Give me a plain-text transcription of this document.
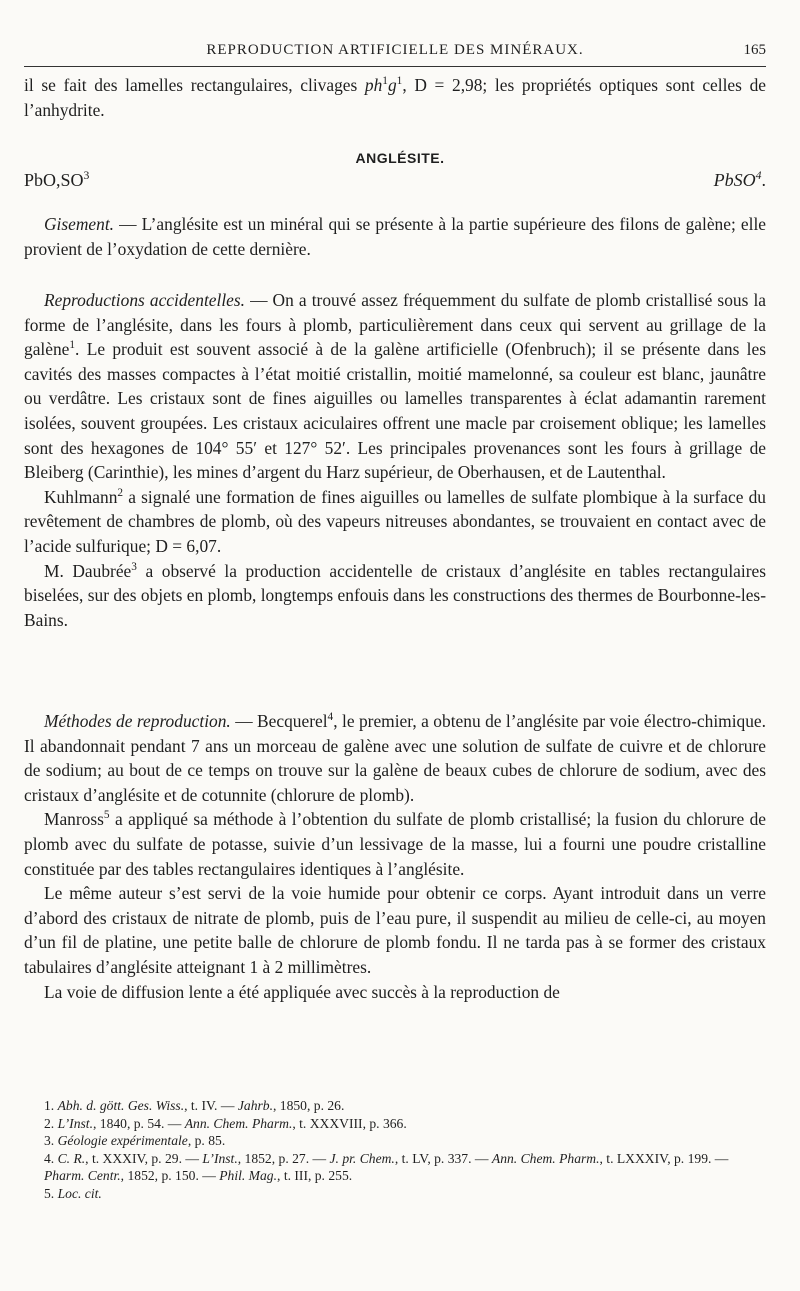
REPRODUCTION ARTIFICIELLE DES MINÉRAUX.	165

il se fait des lamelles rectangulaires, clivages $ph^1g^1$, D = 2,98; les propriétés optiques sont celles de l’anhydrite.

ANGLÉSITE.
$PbO,SO^3$	PbSO$^4$.

Gisement. — L’anglésite est un minéral qui se présente à la partie supérieure des filons de galène; elle provient de l’oxydation de cette dernière.

Reproductions accidentelles. — On a trouvé assez fréquemment du sulfate de plomb cristallisé sous la forme de l’anglésite, dans les fours à plomb, particulièrement dans ceux qui servent au grillage de la galène$^1$. Le produit est souvent associé à de la galène artificielle (Ofenbruch); il se présente dans les cavités des masses compactes à l’état moitié cristallin, moitié mamelonné, sa couleur est blanc, jaunâtre ou verdâtre. Les cristaux sont de fines aiguilles ou lamelles transparentes à éclat adamantin rarement isolées, souvent groupées. Les cristaux aciculaires offrent une macle par croisement oblique; les lamelles sont des hexagones de 104° 55′ et 127° 52′. Les principales provenances sont les fours à grillage de Bleiberg (Carinthie), les mines d’argent du Harz supérieur, de Oberhausen, et de Lautenthal.

Kuhlmann$^2$ a signalé une formation de fines aiguilles ou lamelles de sulfate plombique à la surface du revêtement de chambres de plomb, où des vapeurs nitreuses abondantes, se trouvaient en contact avec de l’acide sulfurique; D = 6,07.

M. Daubrée$^3$ a observé la production accidentelle de cristaux d’anglésite en tables rectangulaires biselées, sur des objets en plomb, longtemps enfouis dans les constructions des thermes de Bourbonne-les-Bains.

Méthodes de reproduction. — Becquerel$^4$, le premier, a obtenu de l’anglésite par voie électro-chimique. Il abandonnait pendant 7 ans un morceau de galène avec une solution de sulfate de cuivre et de chlorure de sodium; au bout de ce temps on trouve sur la galène de beaux cubes de chlorure de sodium, avec des cristaux d’anglésite et de cotunnite (chlorure de plomb).

Manross$^5$ a appliqué sa méthode à l’obtention du sulfate de plomb cristallisé; la fusion du chlorure de plomb avec du sulfate de potasse, suivie d’un lessivage de la masse, lui a fourni une poudre cristalline constituée par des tables rectangulaires identiques à l’anglésite.

Le même auteur s’est servi de la voie humide pour obtenir ce corps. Ayant introduit dans un verre d’abord des cristaux de nitrate de plomb, puis de l’eau pure, il suspendit au milieu de celle-ci, au moyen d’un fil de platine, une petite balle de chlorure de plomb fondu. Il ne tarda pas à se former des cristaux tabulaires d’anglésite atteignant 1 à 2 millimètres.

La voie de diffusion lente a été appliquée avec succès à la reproduction de

1. Abh. d. gött. Ges. Wiss., t. IV. — Jahrb., 1850, p. 26.

2. L’Inst., 1840, p. 54. — Ann. Chem. Pharm., t. XXXVIII, p. 366.

3. Géologie expérimentale, p. 85.

4. C. R., t. XXXIV, p. 29. — L’Inst., 1852, p. 27. — J. pr. Chem., t. LV, p. 337. — Ann. Chem. Pharm., t. LXXXIV, p. 199. — Pharm. Centr., 1852, p. 150. — Phil. Mag., t. III, p. 255.

5. Loc. cit.
